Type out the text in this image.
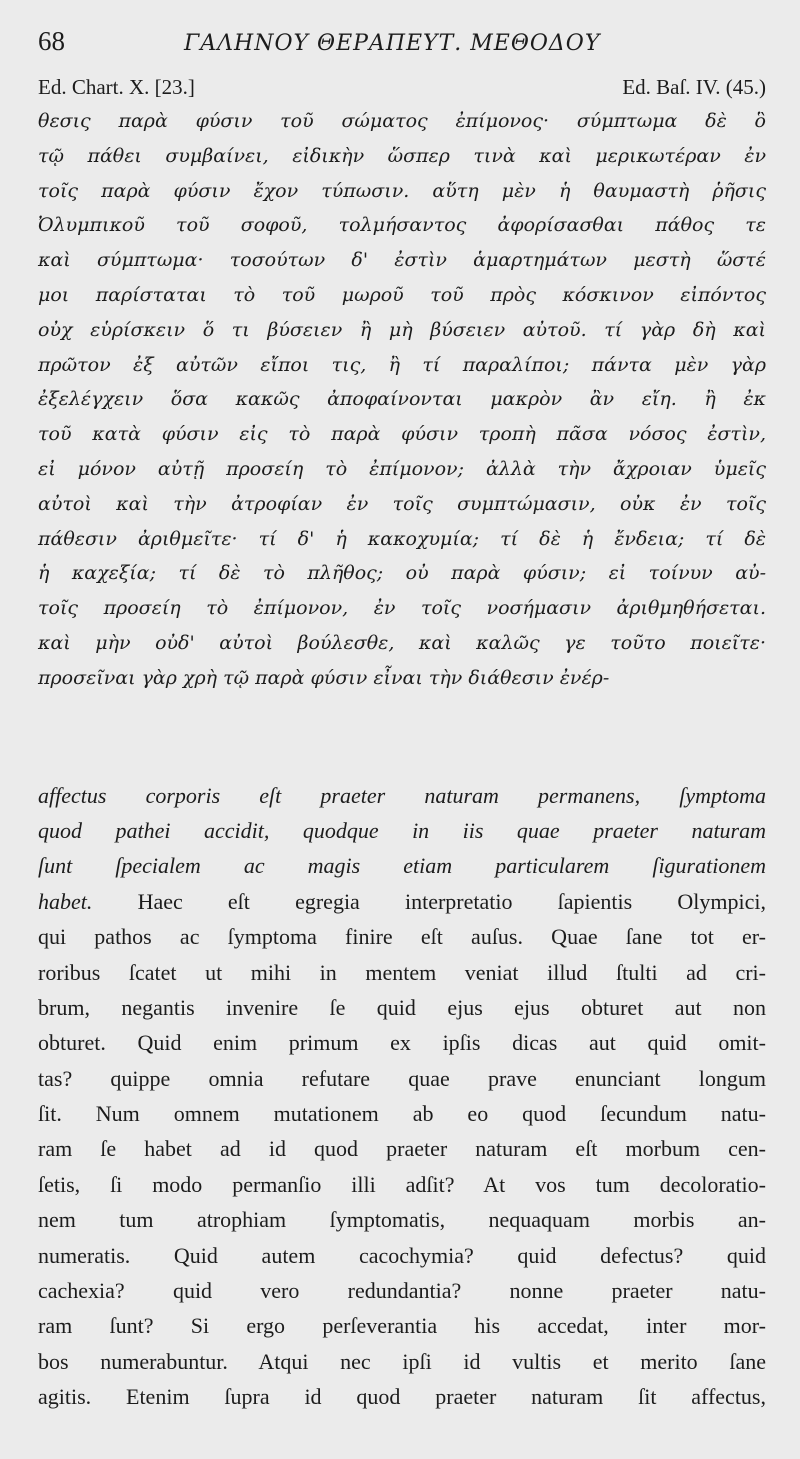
68	ΓΑΛΗΝΟΥ ΘΕΡΑΠΕΥΤ. ΜΕΘΟΔΟΥ
Ed. Chart. X. [23.]	Ed. Baſ. IV. (45.)
θεσις παρὰ φύσιν τοῦ σώματος ἐπίμονος· σύμπτωμα δὲ ὃ
τῷ πάθει συμβαίνει, εἰδικὴν ὥσπερ τινὰ καὶ μερικωτέραν ἐν
τοῖς παρὰ φύσιν ἔχον τύπωσιν. αὕτη μὲν ἡ θαυμαστὴ ῥῆσις
Ὀλυμπικοῦ τοῦ σοφοῦ, τολμήσαντος ἀφορίσασθαι πάθος τε
καὶ σύμπτωμα· τοσούτων δ' ἐστὶν ἁμαρτημάτων μεστὴ ὥστέ
μοι παρίσταται τὸ τοῦ μωροῦ τοῦ πρὸς κόσκινον εἰπόντος
οὐχ εὑρίσκειν ὅ τι βύσειεν ἢ μὴ βύσειεν αὐτοῦ. τί γὰρ δὴ καὶ
πρῶτον ἐξ αὐτῶν εἴποι τις, ἢ τί παραλίποι; πάντα μὲν γὰρ
ἐξελέγχειν ὅσα κακῶς ἀποφαίνονται μακρὸν ἂν εἴη. ἢ ἐκ
τοῦ κατὰ φύσιν εἰς τὸ παρὰ φύσιν τροπὴ πᾶσα νόσος ἐστὶν,
εἰ μόνον αὐτῇ προσείη τὸ ἐπίμονον; ἀλλὰ τὴν ἄχροιαν ὑμεῖς
αὐτοὶ καὶ τὴν ἀτροφίαν ἐν τοῖς συμπτώμασιν, οὐκ ἐν τοῖς
πάθεσιν ἀριθμεῖτε· τί δ' ἡ κακοχυμία; τί δὲ ἡ ἔνδεια; τί δὲ
ἡ καχεξία; τί δὲ τὸ πλῆθος; οὐ παρὰ φύσιν; εἰ τοίνυν αὐ-
τοῖς προσείη τὸ ἐπίμονον, ἐν τοῖς νοσήμασιν ἀριθμηθήσεται.
καὶ μὴν οὐδ' αὐτοὶ βούλεσθε, καὶ καλῶς γε τοῦτο ποιεῖτε·
προσεῖναι γὰρ χρὴ τῷ παρὰ φύσιν εἶναι τὴν διάθεσιν ἐνέρ-
affectus corporis eſt praeter naturam permanens, ſymptoma
quod pathei accidit, quodque in iis quae praeter naturam
ſunt ſpecialem ac magis etiam particularem ſigurationem
habet. Haec eſt egregia interpretatio ſapientis Olympici,
qui pathos ac ſymptoma finire eſt auſus. Quae ſane tot er-
roribus ſcatet ut mihi in mentem veniat illud ſtulti ad cri-
brum, negantis invenire ſe quid ejus ejus obturet aut non
obturet. Quid enim primum ex ipſis dicas aut quid omit-
tas? quippe omnia refutare quae prave enunciant longum
ſit. Num omnem mutationem ab eo quod ſecundum natu-
ram ſe habet ad id quod praeter naturam eſt morbum cen-
ſetis, ſi modo permanſio illi adſit? At vos tum decoloratio-
nem tum atrophiam ſymptomatis, nequaquam morbis an-
numeratis. Quid autem cacochymia? quid defectus? quid
cachexia? quid vero redundantia? nonne praeter natu-
ram ſunt? Si ergo perſeverantia his accedat, inter mor-
bos numerabuntur. Atqui nec ipſi id vultis et merito ſane
agitis. Etenim ſupra id quod praeter naturam ſit affectus,
